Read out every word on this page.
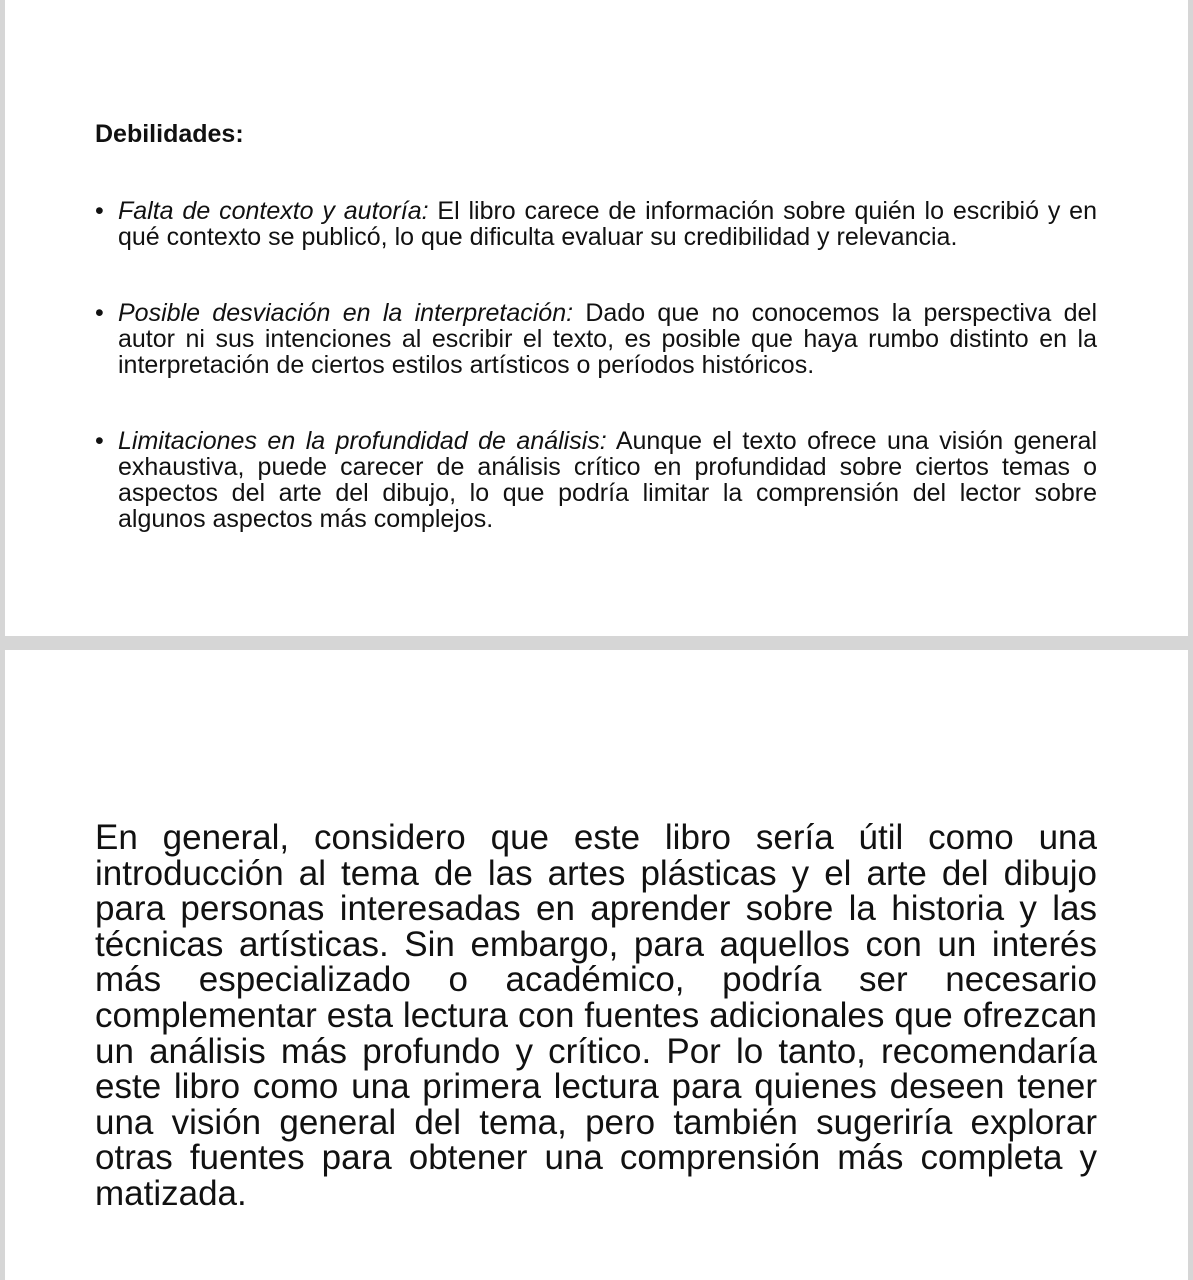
Debilidades:
• Falta de contexto y autoría: El libro carece de información sobre quién lo escribió y en qué contexto se publicó, lo que dificulta evaluar su credibilidad y relevancia.
• Posible desviación en la interpretación: Dado que no conocemos la perspectiva del autor ni sus intenciones al escribir el texto, es posible que haya rumbo distinto en la interpretación de ciertos estilos artísticos o períodos históricos.
• Limitaciones en la profundidad de análisis: Aunque el texto ofrece una visión general exhaustiva, puede carecer de análisis crítico en profundidad sobre ciertos temas o aspectos del arte del dibujo, lo que podría limitar la comprensión del lector sobre algunos aspectos más complejos.

En general, considero que este libro sería útil como una introducción al tema de las artes plásticas y el arte del dibujo para personas interesadas en aprender sobre la historia y las técnicas artísticas. Sin embargo, para aquellos con un interés más especializado o académico, podría ser necesario complementar esta lectura con fuentes adicionales que ofrezcan un análisis más profundo y crítico. Por lo tanto, recomendaría este libro como una primera lectura para quienes deseen tener una visión general del tema, pero también sugeriría explorar otras fuentes para obtener una comprensión más completa y matizada.
